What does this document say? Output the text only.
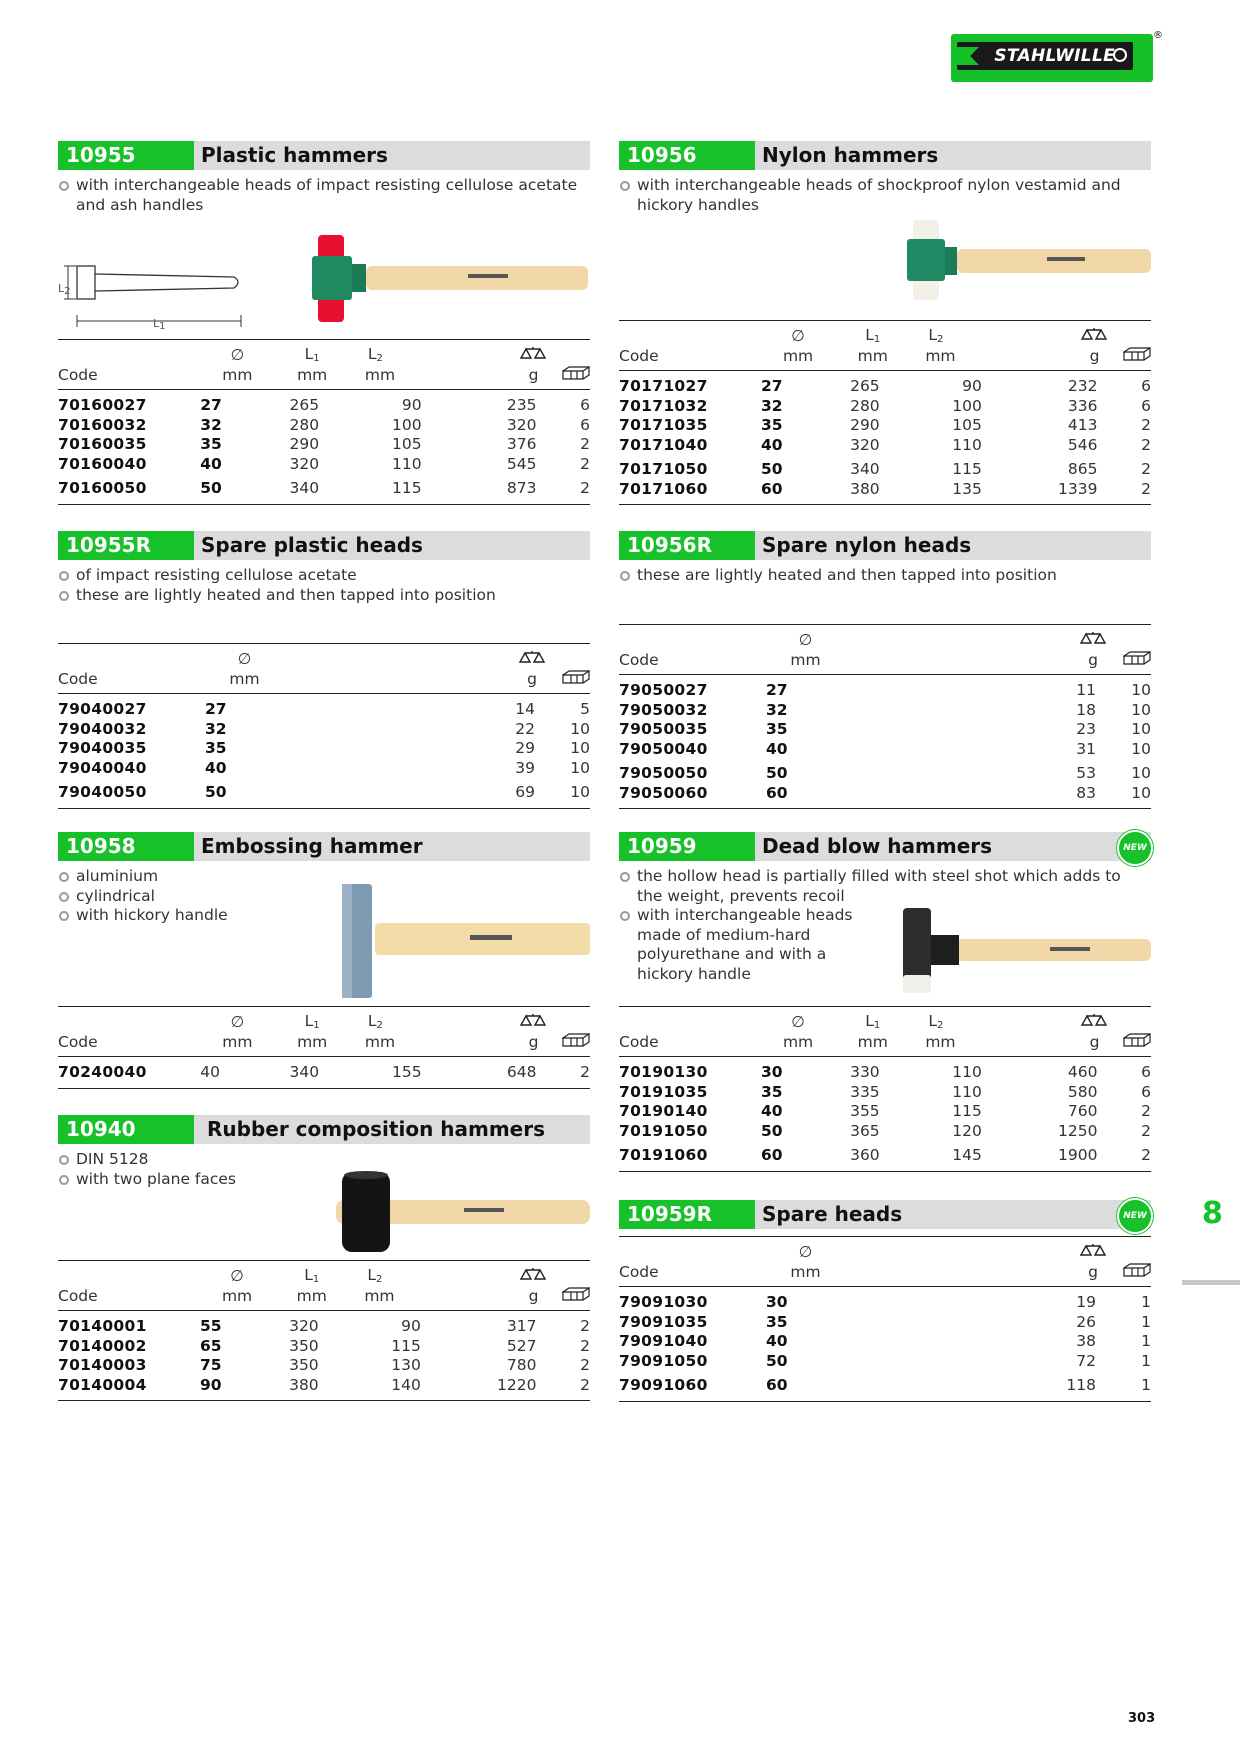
STAHLWILLE
®
10955	Plastic hammers
with interchangeable heads of impact resisting cellulose acetate and ash handles
L2
L1
	∅	$L_1$	$L_2$		
Code	mm	mm	mm	g	
70160027	27	265	90	235	6
70160032	32	280	100	320	6
70160035	35	290	105	376	2
70160040	40	320	110	545	2
70160050	50	340	115	873	2
10956	Nylon hammers
with interchangeable heads of shockproof nylon vestamid and hickory handles
	∅	$L_1$	$L_2$		
Code	mm	mm	mm	g	
70171027	27	265	90	232	6
70171032	32	280	100	336	6
70171035	35	290	105	413	2
70171040	40	320	110	546	2
70171050	50	340	115	865	2
70171060	60	380	135	1339	2
10955R	Spare plastic heads
of impact resisting cellulose acetate
these are lightly heated and then tapped into position
	∅				
Code	mm			g	
79040027	27			14	5
79040032	32			22	10
79040035	35			29	10
79040040	40			39	10
79040050	50			69	10
10956R	Spare nylon heads
these are lightly heated and then tapped into position
	∅				
Code	mm			g	
79050027	27			11	10
79050032	32			18	10
79050035	35			23	10
79050040	40			31	10
79050050	50			53	10
79050060	60			83	10
10958	Embossing hammer
aluminium
cylindrical
with hickory handle
	∅	$L_1$	$L_2$		
Code	mm	mm	mm	g	
70240040	40	340	155	648	2
10959	Dead blow hammers	NEW
the hollow head is partially filled with steel shot which adds to the weight, prevents recoil
with interchangeable heads made of medium-hard polyurethane and with a hickory handle
	∅	$L_1$	$L_2$		
Code	mm	mm	mm	g	
70190130	30	330	110	460	6
70191035	35	335	110	580	6
70190140	40	355	115	760	2
70191050	50	365	120	1250	2
70191060	60	360	145	1900	2
10940	Rubber composition hammers
DIN 5128
with two plane faces
	∅	$L_1$	$L_2$		
Code	mm	mm	mm	g	
70140001	55	320	90	317	2
70140002	65	350	115	527	2
70140003	75	350	130	780	2
70140004	90	380	140	1220	2
10959R	Spare heads	NEW
	∅				
Code	mm			g	
79091030	30			19	1
79091035	35			26	1
79091040	40			38	1
79091050	50			72	1
79091060	60			118	1
8
303
